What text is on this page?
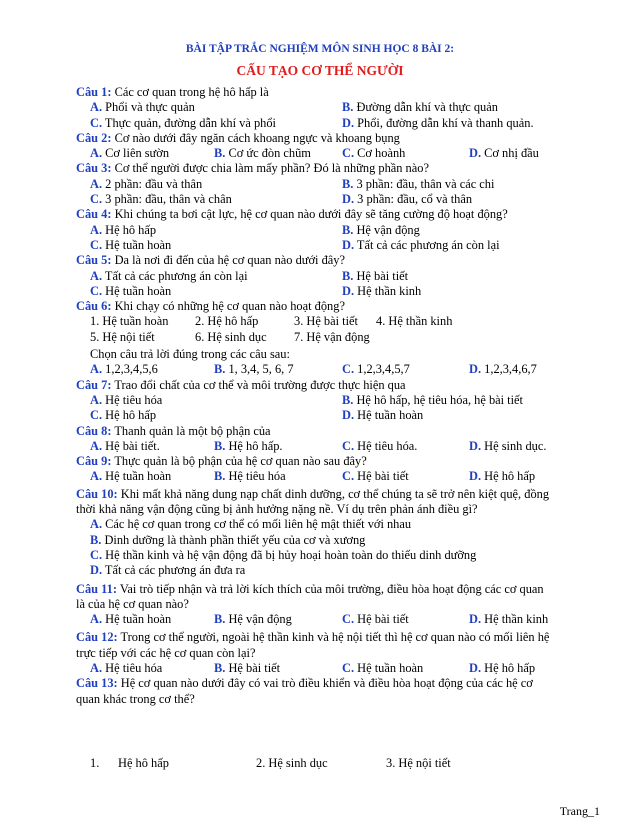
BÀI TẬP TRẮC NGHIỆM MÔN SINH HỌC 8 BÀI 2:
CẤU TẠO CƠ THỂ NGƯỜI
Câu 1: Các cơ quan trong hệ hô hấp là
A. Phổi và thực quản	B. Đường dẫn khí và thực quản
C. Thực quản, đường dẫn khí và phổi	D. Phổi, đường dẫn khí và thanh quản.
Câu 2: Cơ nào dưới đây ngăn cách khoang ngực và khoang bụng
A. Cơ liên sườn	B. Cơ ức đòn chũm	C. Cơ hoành	D. Cơ nhị đầu
Câu 3: Cơ thể người được chia làm mấy phần? Đó là những phần nào?
A. 2 phần: đầu và thân	B. 3 phần: đầu, thân và các chi
C. 3 phần: đầu, thân và chân	D. 3 phần: đầu, cổ và thân
Câu 4: Khi chúng ta bơi cật lực, hệ cơ quan nào dưới đây sẽ tăng cường độ hoạt động?
A. Hệ hô hấp	B. Hệ vận động
C. Hệ tuần hoàn	D. Tất cả các phương án còn lại
Câu 5: Da là nơi đi đến của hệ cơ quan nào dưới đây?
A. Tất cả các phương án còn lại	B. Hệ bài tiết
C. Hệ tuần hoàn	D. Hệ thần kinh
Câu 6: Khi chạy có những hệ cơ quan nào hoạt động?
1. Hệ tuần hoàn 2. Hệ hô hấp	3. Hệ bài tiết 4. Hệ thần kinh
5. Hệ nội tiết	6. Hệ sinh dục 7. Hệ vận động
Chọn câu trả lời đúng trong các câu sau:
A. 1,2,3,4,5,6	B. 1, 3,4, 5, 6, 7	C. 1,2,3,4,5,7	D. 1,2,3,4,6,7
Câu 7: Trao đổi chất của cơ thể và môi trường được thực hiện qua
A. Hệ tiêu hóa	B. Hệ hô hấp, hệ tiêu hóa, hệ bài tiết
C. Hệ hô hấp	D. Hệ tuần hoàn
Câu 8: Thanh quản là một bộ phận của
A. Hệ bài tiết.	B. Hệ hô hấp.	C. Hệ tiêu hóa.	D. Hệ sinh dục.
Câu 9: Thực quản là bộ phận của hệ cơ quan nào sau đây?
A. Hệ tuần hoàn	B. Hệ tiêu hóa	C. Hệ bài tiết	D. Hệ hô hấp
Câu 10: Khi mất khả năng dung nạp chất dinh dưỡng, cơ thể chúng ta sẽ trở nên kiệt quệ, đồng
thời khả năng vận động cũng bị ảnh hưởng nặng nề. Ví dụ trên phản ánh điều gì?
A. Các hệ cơ quan trong cơ thể có mối liên hệ mật thiết với nhau
B. Dinh dưỡng là thành phần thiết yếu của cơ và xương
C. Hệ thần kinh và hệ vận động đã bị hủy hoại hoàn toàn do thiếu dinh dưỡng
D. Tất cả các phương án đưa ra
Câu 11: Vai trò tiếp nhận và trả lời kích thích của môi trường, điều hòa hoạt động các cơ quan
là của hệ cơ quan nào?
A. Hệ tuần hoàn	B. Hệ vận động	C. Hệ bài tiết	D. Hệ thần kinh
Câu 12: Trong cơ thể người, ngoài hệ thần kinh và hệ nội tiết thì hệ cơ quan nào có mối liên hệ
trực tiếp với các hệ cơ quan còn lại?
A. Hệ tiêu hóa	B. Hệ bài tiết	C. Hệ tuần hoàn	D. Hệ hô hấp
Câu 13: Hệ cơ quan nào dưới đây có vai trò điều khiển và điều hòa hoạt động của các hệ cơ
quan khác trong cơ thể?
1. Hệ hô hấp	2. Hệ sinh dục	3. Hệ nội tiết
Trang_1
